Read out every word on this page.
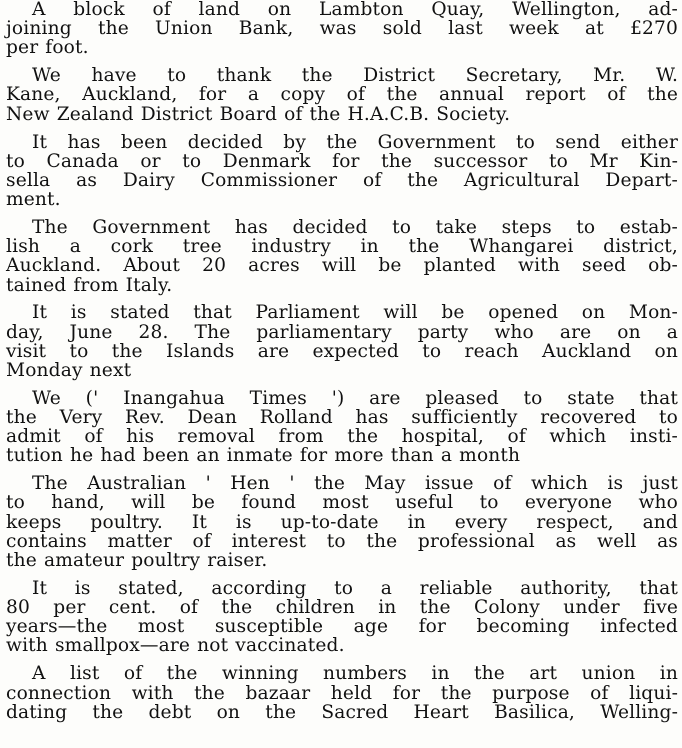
A block of land on Lambton Quay, Wellington, ad-
joining the Union Bank, was sold last week at £270
per foot.
We have to thank the District Secretary, Mr. W.
Kane, Auckland, for a copy of the annual report of the
New Zealand District Board of the H.A.C.B. Society.
It has been decided by the Government to send either
to Canada or to Denmark for the successor to Mr Kin-
sella as Dairy Commissioner of the Agricultural Depart-
ment.
The Government has decided to take steps to estab-
lish a cork tree industry in the Whangarei district,
Auckland. About 20 acres will be planted with seed ob-
tained from Italy.
It is stated that Parliament will be opened on Mon-
day, June 28. The parliamentary party who are on a
visit to the Islands are expected to reach Auckland on
Monday next
We (' Inangahua Times ') are pleased to state that
the Very Rev. Dean Rolland has sufficiently recovered to
admit of his removal from the hospital, of which insti-
tution he had been an inmate for more than a month
The Australian ' Hen ' the May issue of which is just
to hand, will be found most useful to everyone who
keeps poultry. It is up-to-date in every respect, and
contains matter of interest to the professional as well as
the amateur poultry raiser.
It is stated, according to a reliable authority, that
80 per cent. of the children in the Colony under five
years—the most susceptible age for becoming infected
with smallpox—are not vaccinated.
A list of the winning numbers in the art union in
connection with the bazaar held for the purpose of liqui-
dating the debt on the Sacred Heart Basilica, Welling-
